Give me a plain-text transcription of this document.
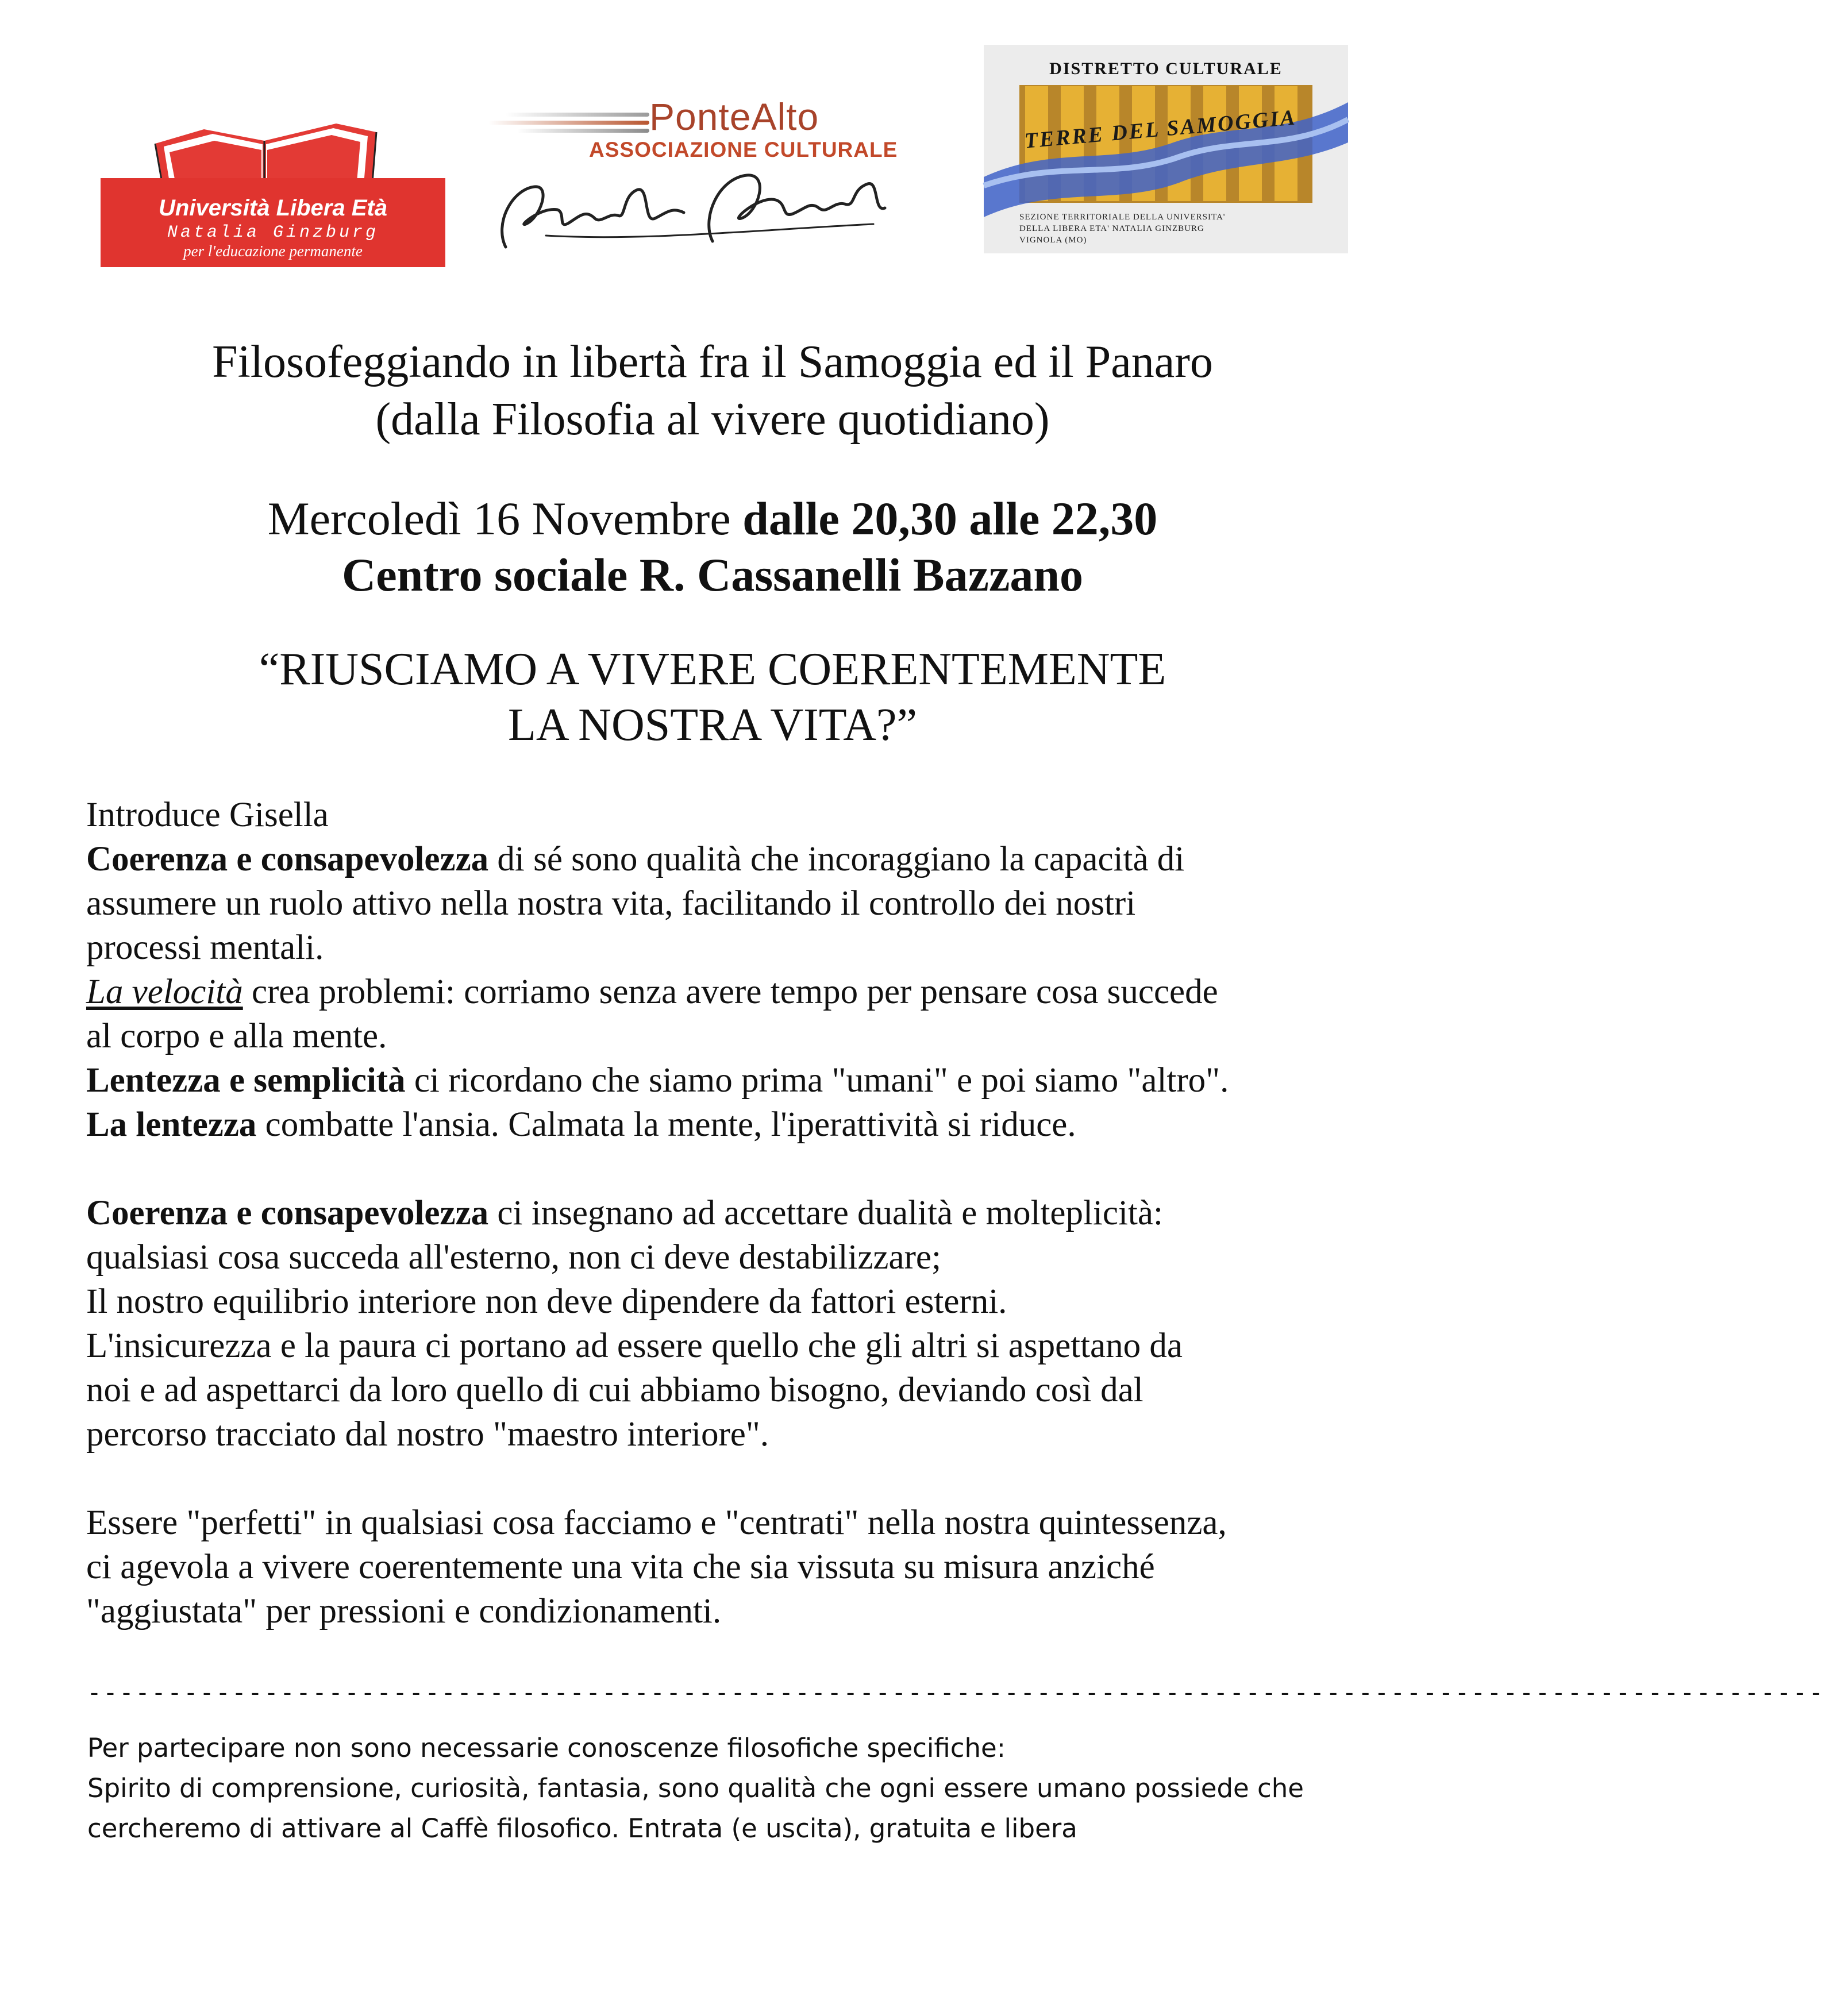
Università Libera Età
Natalia Ginzburg
per l'educazione permanente
PonteAlto
ASSOCIAZIONE CULTURALE
DISTRETTO CULTURALE
TERRE DEL SAMOGGIA
SEZIONE TERRITORIALE DELLA UNIVERSITA'
DELLA LIBERA ETA' NATALIA GINZBURG
VIGNOLA (MO)
Filosofeggiando in libertà fra il Samoggia ed il Panaro
(dalla Filosofia al vivere quotidiano)
Mercoledì 16 Novembre dalle 20,30 alle 22,30
Centro sociale R. Cassanelli Bazzano
“RIUSCIAMO A VIVERE COERENTEMENTE
LA NOSTRA VITA?”
Introduce Gisella
Coerenza e consapevolezza di sé sono qualità che incoraggiano la capacità di
assumere un ruolo attivo nella nostra vita, facilitando il controllo dei nostri
processi mentali.
La velocità crea problemi: corriamo senza avere tempo per pensare cosa succede
al corpo e alla mente.
Lentezza e semplicità ci ricordano che siamo prima "umani" e poi siamo "altro".
La lentezza combatte l'ansia. Calmata la mente, l'iperattività si riduce.
Coerenza e consapevolezza ci insegnano ad accettare dualità e molteplicità:
qualsiasi cosa succeda all'esterno, non ci deve destabilizzare;
Il nostro equilibrio interiore non deve dipendere da fattori esterni.
L'insicurezza e la paura ci portano ad essere quello che gli altri si aspettano da
noi e ad aspettarci da loro quello di cui abbiamo bisogno, deviando così dal
percorso tracciato dal nostro "maestro interiore".
Essere "perfetti" in qualsiasi cosa facciamo e "centrati" nella nostra quintessenza,
ci agevola a vivere coerentemente una vita che sia vissuta su misura anziché
"aggiustata" per pressioni e condizionamenti.
------------------------------------------------------------------------------------------------------------
Per partecipare non sono necessarie conoscenze filosofiche specifiche:
Spirito di comprensione, curiosità, fantasia, sono qualità che ogni essere umano possiede che
cercheremo di attivare al Caffè filosofico. Entrata (e uscita), gratuita e libera
